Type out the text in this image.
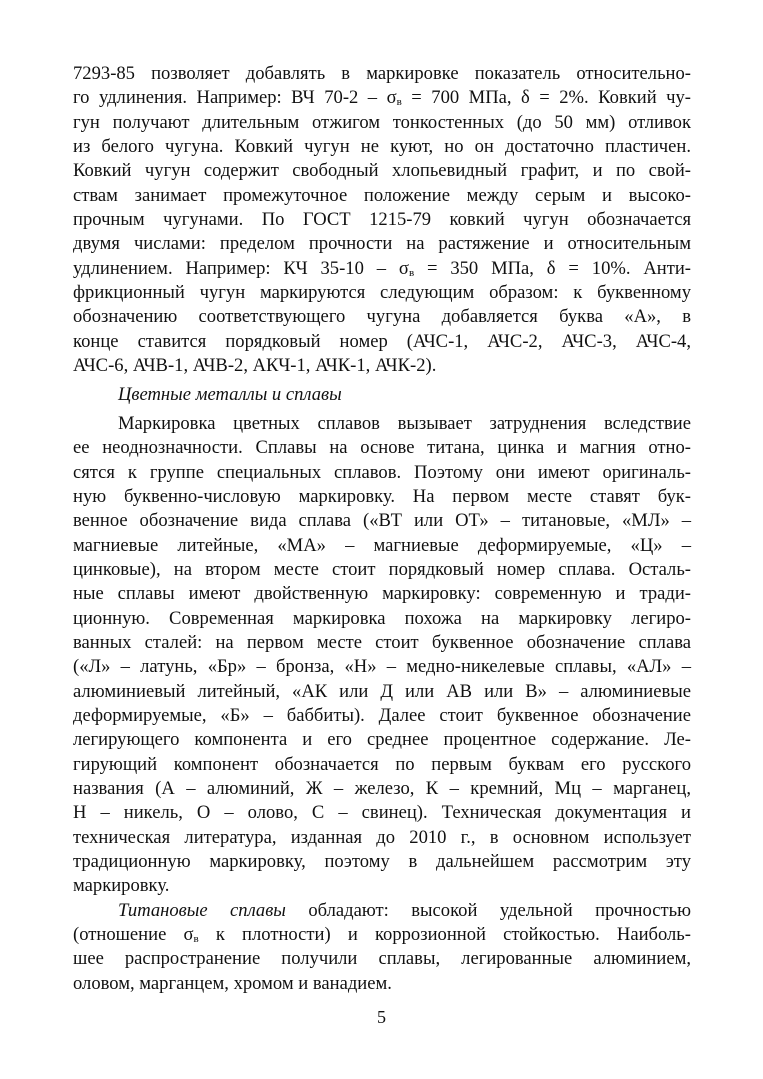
7293-85 позволяет добавлять в маркировке показатель относительно-
го удлинения. Например: ВЧ $70-2 - \sigma_в = 700$ МПа, δ = 2%. Ковкий чу-
гун получают длительным отжигом тонкостенных (до 50 мм) отливок
из белого чугуна. Ковкий чугун не куют, но он достаточно пластичен.
Ковкий чугун содержит свободный хлопьевидный графит, и по свой-
ствам занимает промежуточное положение между серым и высоко-
прочным чугунами. По ГОСТ 1215-79 ковкий чугун обозначается
двумя числами: пределом прочности на растяжение и относительным
удлинением. Например: КЧ $35-10 - \sigma_в = 350$ МПа, δ = 10%. Анти-
фрикционный чугун маркируются следующим образом: к буквенному
обозначению соответствующего чугуна добавляется буква «А», в
конце ставится порядковый номер (АЧС-1, АЧС-2, АЧС-3, АЧС-4,
АЧС-6, АЧВ-1, АЧВ-2, АКЧ-1, АЧК-1, АЧК-2).

Цветные металлы и сплавы

Маркировка цветных сплавов вызывает затруднения вследствие
ее неоднозначности. Сплавы на основе титана, цинка и магния отно-
сятся к группе специальных сплавов. Поэтому они имеют оригиналь-
ную буквенно-числовую маркировку. На первом месте ставят бук-
венное обозначение вида сплава («ВТ или ОТ» – титановые, «МЛ» –
магниевые литейные, «МА» – магниевые деформируемые, «Ц» –
цинковые), на втором месте стоит порядковый номер сплава. Осталь-
ные сплавы имеют двойственную маркировку: современную и тради-
ционную. Современная маркировка похожа на маркировку легиро-
ванных сталей: на первом месте стоит буквенное обозначение сплава
(«Л» – латунь, «Бр» – бронза, «Н» – медно-никелевые сплавы, «АЛ» –
алюминиевый литейный, «АК или Д или АВ или В» – алюминиевые
деформируемые, «Б» – баббиты). Далее стоит буквенное обозначение
легирующего компонента и его среднее процентное содержание. Ле-
гирующий компонент обозначается по первым буквам его русского
названия (А – алюминий, Ж – железо, К – кремний, Мц – марганец,
Н – никель, О – олово, С – свинец). Техническая документация и
техническая литература, изданная до 2010 г., в основном использует
традиционную маркировку, поэтому в дальнейшем рассмотрим эту
маркировку.

Титановые сплавы обладают: высокой удельной прочностью
(отношение $\sigma_в$ к плотности) и коррозионной стойкостью. Наиболь-
шее распространение получили сплавы, легированные алюминием,
оловом, марганцем, хромом и ванадием.

5
